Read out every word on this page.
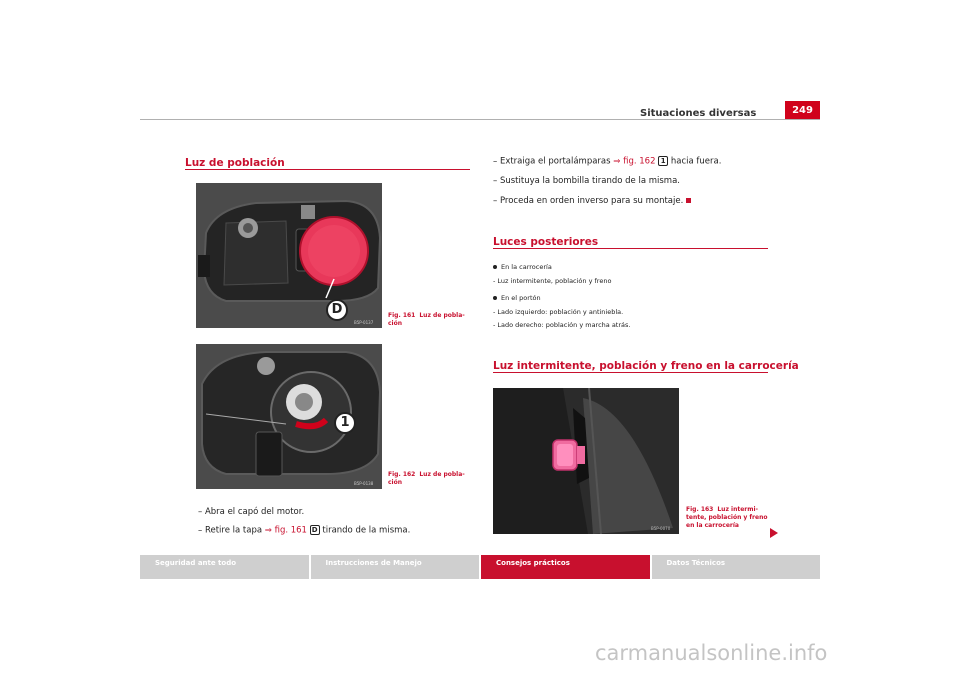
Situaciones diversas	249
Luz de población
D
B5P-0137
Fig. 161 Luz de pobla-
ción
1
B5P-0138
Fig. 162 Luz de pobla-
ción
– Abra el capó del motor.
– Retire la tapa ⇒ fig. 161 D tirando de la misma.
– Extraiga el portalámparas ⇒ fig. 162 1 hacia fuera.
– Sustituya la bombilla tirando de la misma.
– Proceda en orden inverso para su montaje.
Luces posteriores
En la carrocería
- Luz intermitente, población y freno
En el portón
- Lado izquierdo: población y antiniebla.
- Lado derecho: población y marcha atrás.
Luz intermitente, población y freno en la carrocería
B5P-0070
Fig. 163 Luz intermi-
tente, población y freno
en la carrocería
Seguridad ante todo	Instrucciones de Manejo	Consejos prácticos	Datos Técnicos
carmanualsonline.info
